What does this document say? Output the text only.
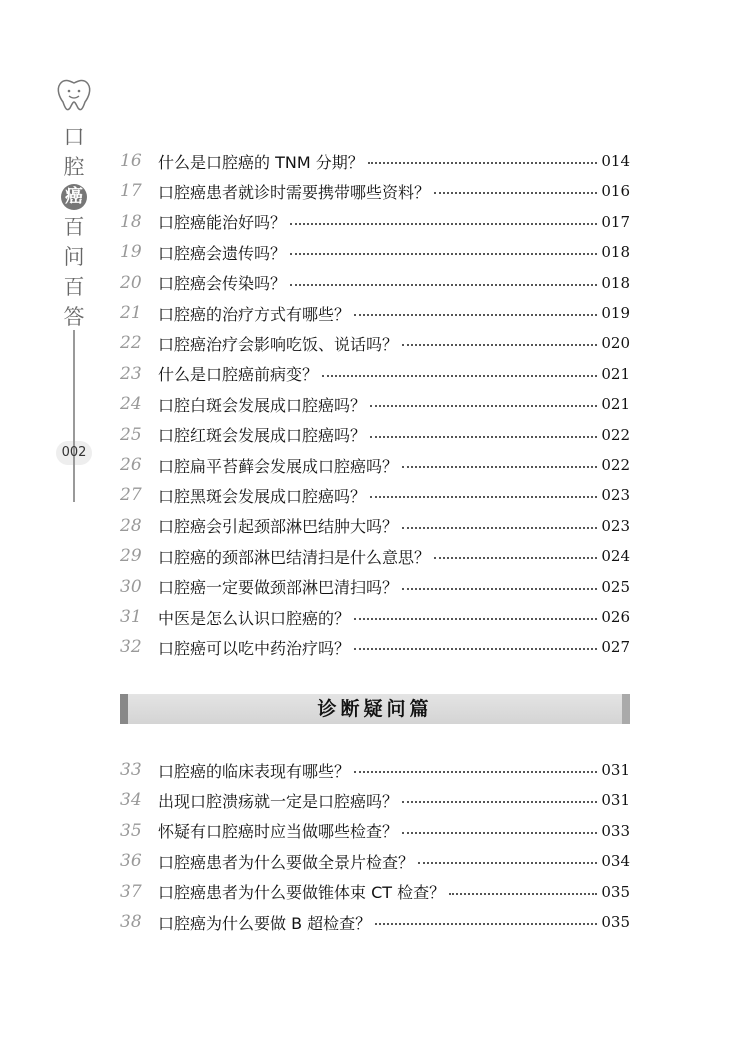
口
腔
癌
百
问
百
答
002
16	什么是口腔癌的 TNM 分期？	014
17	口腔癌患者就诊时需要携带哪些资料？	016
18	口腔癌能治好吗？	017
19	口腔癌会遗传吗？	018
20	口腔癌会传染吗？	018
21	口腔癌的治疗方式有哪些？	019
22	口腔癌治疗会影响吃饭、说话吗？	020
23	什么是口腔癌前病变？	021
24	口腔白斑会发展成口腔癌吗？	021
25	口腔红斑会发展成口腔癌吗？	022
26	口腔扁平苔藓会发展成口腔癌吗？	022
27	口腔黑斑会发展成口腔癌吗？	023
28	口腔癌会引起颈部淋巴结肿大吗？	023
29	口腔癌的颈部淋巴结清扫是什么意思？	024
30	口腔癌一定要做颈部淋巴清扫吗？	025
31	中医是怎么认识口腔癌的？	026
32	口腔癌可以吃中药治疗吗？	027
诊断疑问篇
33	口腔癌的临床表现有哪些？	031
34	出现口腔溃疡就一定是口腔癌吗？	031
35	怀疑有口腔癌时应当做哪些检查？	033
36	口腔癌患者为什么要做全景片检查？	034
37	口腔癌患者为什么要做锥体束 CT 检查？	035
38	口腔癌为什么要做 B 超检查？	035
